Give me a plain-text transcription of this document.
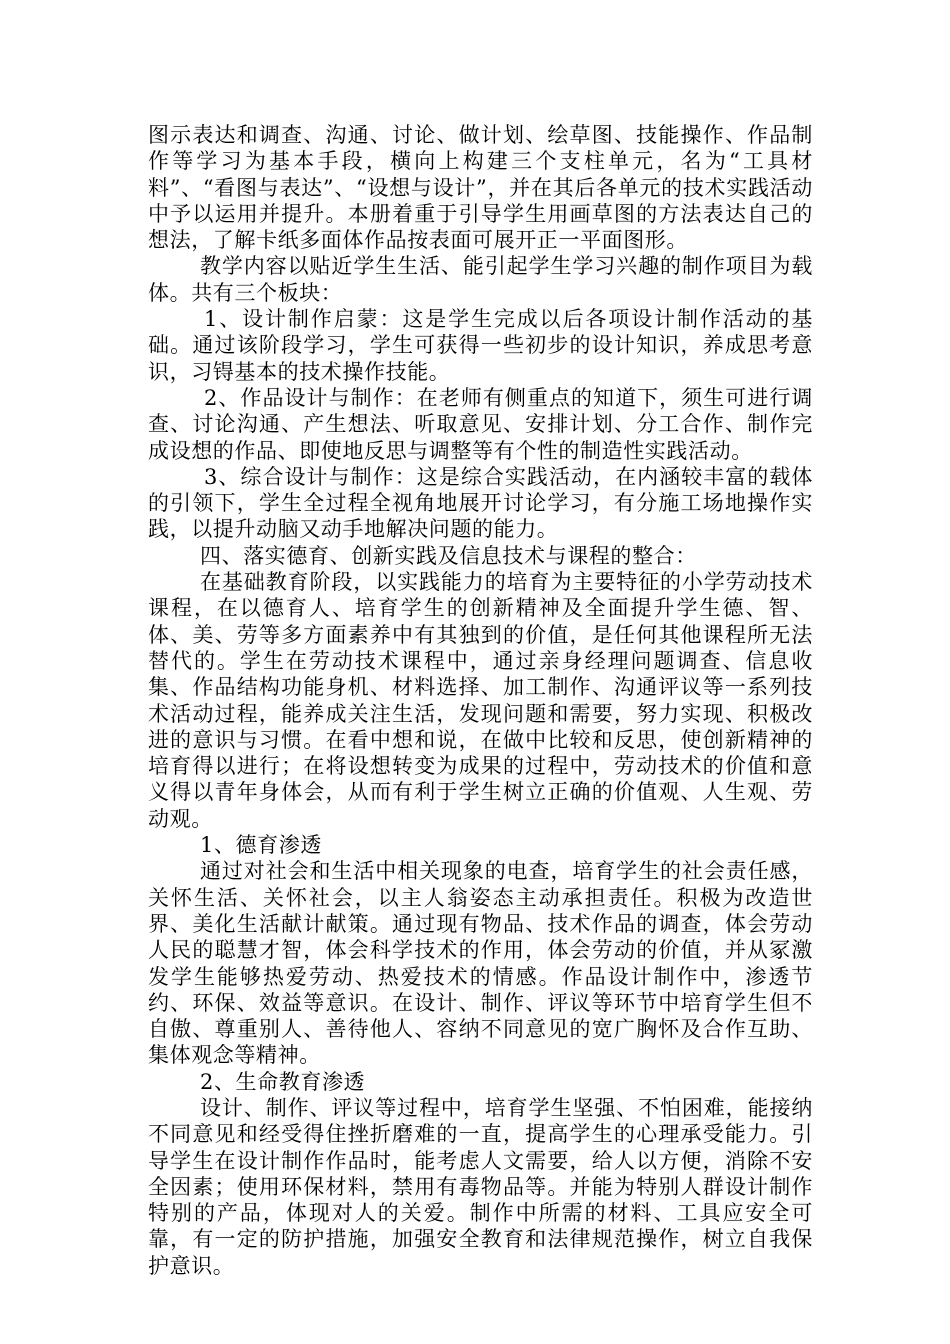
图示表达和调查、沟通、讨论、做计划、绘草图、技能操作、作品制作等学习为基本手段，横向上构建三个支柱单元，名为“工具材料”、“看图与表达”、“设想与设计”，并在其后各单元的技术实践活动中予以运用并提升。本册着重于引导学生用画草图的方法表达自己的想法，了解卡纸多面体作品按表面可展开正一平面图形。

教学内容以贴近学生生活、能引起学生学习兴趣的制作项目为载体。共有三个板块：

1、设计制作启蒙：这是学生完成以后各项设计制作活动的基础。通过该阶段学习，学生可获得一些初步的设计知识，养成思考意识，习锝基本的技术操作技能。

2、作品设计与制作：在老师有侧重点的知道下，须生可进行调查、讨论沟通、产生想法、听取意见、安排计划、分工合作、制作完成设想的作品、即使地反思与调整等有个性的制造性实践活动。

3、综合设计与制作：这是综合实践活动，在内涵较丰富的载体的引领下，学生全过程全视角地展开讨论学习，有分施工场地操作实践，以提升动脑又动手地解决问题的能力。

四、落实德育、创新实践及信息技术与课程的整合：

在基础教育阶段，以实践能力的培育为主要特征的小学劳动技术课程，在以德育人、培育学生的创新精神及全面提升学生德、智、体、美、劳等多方面素养中有其独到的价值，是任何其他课程所无法替代的。学生在劳动技术课程中，通过亲身经理问题调查、信息收集、作品结构功能身机、材料选择、加工制作、沟通评议等一系列技术活动过程，能养成关注生活，发现问题和需要，努力实现、积极改进的意识与习惯。在看中想和说，在做中比较和反思，使创新精神的培育得以进行；在将设想转变为成果的过程中，劳动技术的价值和意义得以青年身体会，从而有利于学生树立正确的价值观、人生观、劳动观。

1、德育渗透

通过对社会和生活中相关现象的电查，培育学生的社会责任感，关怀生活、关怀社会，以主人翁姿态主动承担责任。积极为改造世界、美化生活献计献策。通过现有物品、技术作品的调查，体会劳动人民的聪慧才智，体会科学技术的作用，体会劳动的价值，并从冢激发学生能够热爱劳动、热爱技术的情感。作品设计制作中，渗透节约、环保、效益等意识。在设计、制作、评议等环节中培育学生但不自傲、尊重别人、善待他人、容纳不同意见的宽广胸怀及合作互助、集体观念等精神。

2、生命教育渗透

设计、制作、评议等过程中，培育学生坚强、不怕困难，能接纳不同意见和经受得住挫折磨难的一直，提高学生的心理承受能力。引导学生在设计制作作品时，能考虑人文需要，给人以方便，消除不安全因素；使用环保材料，禁用有毒物品等。并能为特别人群设计制作特别的产品，体现对人的关爱。制作中所需的材料、工具应安全可靠，有一定的防护措施，加强安全教育和法律规范操作，树立自我保护意识。
